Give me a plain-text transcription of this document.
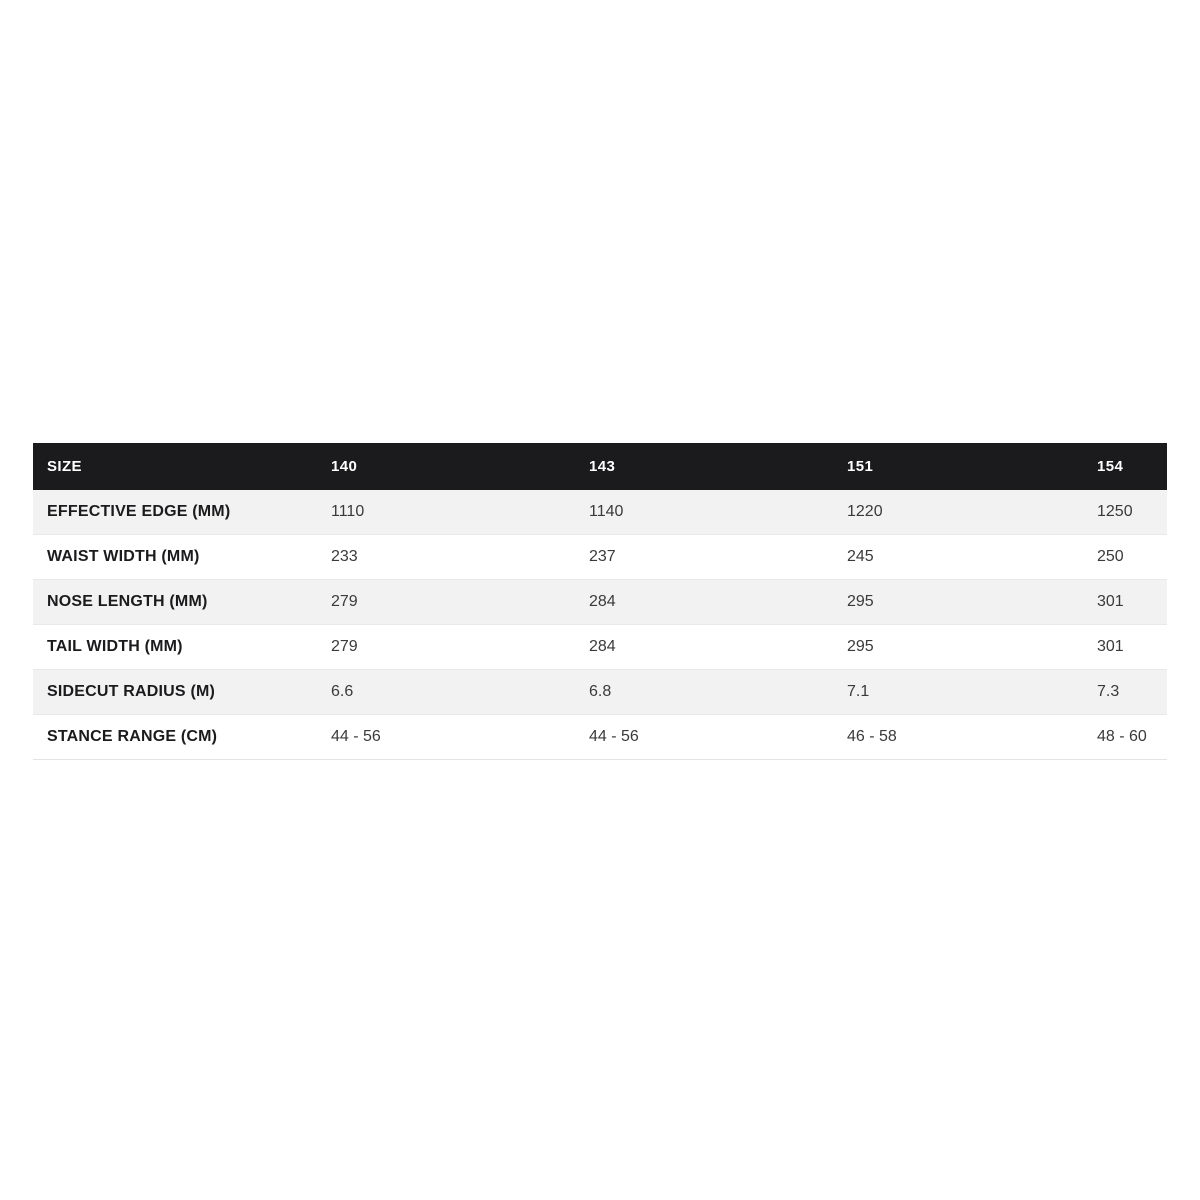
SIZE	140	143	151	154
EFFECTIVE EDGE (MM)	1110	1140	1220	1250
WAIST WIDTH (MM)	233	237	245	250
NOSE LENGTH (MM)	279	284	295	301
TAIL WIDTH (MM)	279	284	295	301
SIDECUT RADIUS (M)	6.6	6.8	7.1	7.3
STANCE RANGE (CM)	44 - 56	44 - 56	46 - 58	48 - 60
